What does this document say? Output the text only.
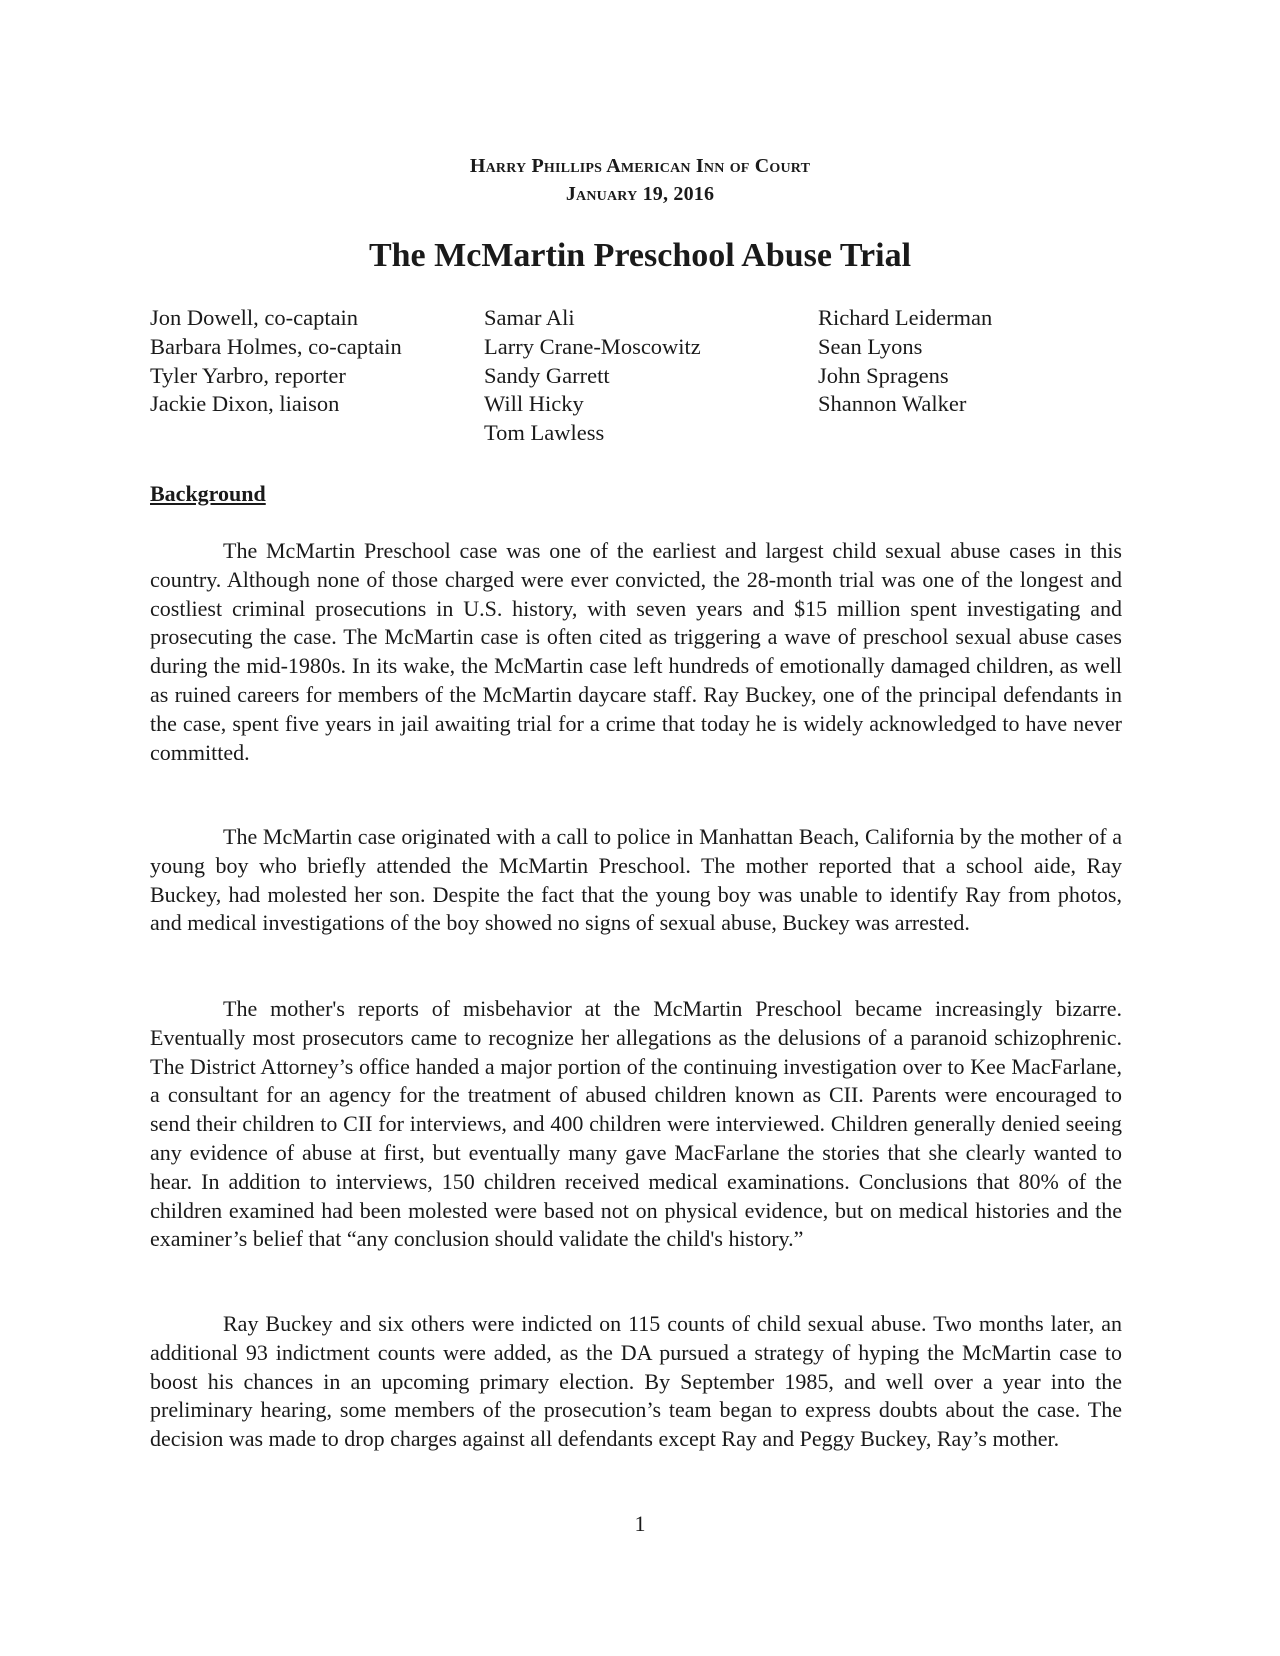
Harry Phillips American Inn of Court
January 19, 2016
The McMartin Preschool Abuse Trial
Jon Dowell, co-captain
Barbara Holmes, co-captain
Tyler Yarbro, reporter
Jackie Dixon, liaison
Samar Ali
Larry Crane-Moscowitz
Sandy Garrett
Will Hicky
Tom Lawless
Richard Leiderman
Sean Lyons
John Spragens
Shannon Walker
Background

The McMartin Preschool case was one of the earliest and largest child sexual abuse cases in this country. Although none of those charged were ever convicted, the 28-month trial was one of the longest and costliest criminal prosecutions in U.S. history, with seven years and $15 million spent investigating and prosecuting the case. The McMartin case is often cited as triggering a wave of preschool sexual abuse cases during the mid-1980s. In its wake, the McMartin case left hundreds of emotionally damaged children, as well as ruined careers for members of the McMartin daycare staff. Ray Buckey, one of the principal defendants in the case, spent five years in jail awaiting trial for a crime that today he is widely acknowledged to have never committed.

The McMartin case originated with a call to police in Manhattan Beach, California by the mother of a young boy who briefly attended the McMartin Preschool. The mother reported that a school aide, Ray Buckey, had molested her son. Despite the fact that the young boy was unable to identify Ray from photos, and medical investigations of the boy showed no signs of sexual abuse, Buckey was arrested.

The mother's reports of misbehavior at the McMartin Preschool became increasingly bizarre. Eventually most prosecutors came to recognize her allegations as the delusions of a paranoid schizophrenic. The District Attorney’s office handed a major portion of the continuing investigation over to Kee MacFarlane, a consultant for an agency for the treatment of abused children known as CII. Parents were encouraged to send their children to CII for interviews, and 400 children were interviewed. Children generally denied seeing any evidence of abuse at first, but eventually many gave MacFarlane the stories that she clearly wanted to hear. In addition to interviews, 150 children received medical examinations. Conclusions that 80% of the children examined had been molested were based not on physical evidence, but on medical histories and the examiner’s belief that “any conclusion should validate the child's history.”

Ray Buckey and six others were indicted on 115 counts of child sexual abuse. Two months later, an additional 93 indictment counts were added, as the DA pursued a strategy of hyping the McMartin case to boost his chances in an upcoming primary election. By September 1985, and well over a year into the preliminary hearing, some members of the prosecution’s team began to express doubts about the case. The decision was made to drop charges against all defendants except Ray and Peggy Buckey, Ray’s mother.

1
